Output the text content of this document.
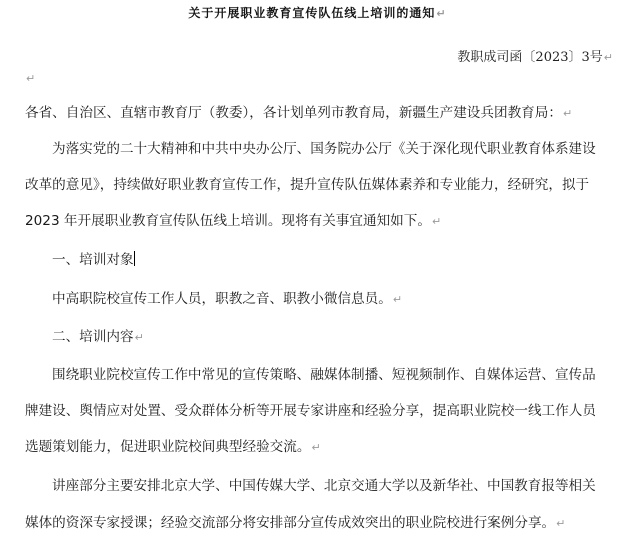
关于开展职业教育宣传队伍线上培训的通知↵
教职成司函〔2023〕3号↵
↵
各省、自治区、直辖市教育厅（教委），各计划单列市教育局，新疆生产建设兵团教育局：↵
为落实党的二十大精神和中共中央办公厅、国务院办公厅《关于深化现代职业教育体系建设
改革的意见》，持续做好职业教育宣传工作，提升宣传队伍媒体素养和专业能力，经研究，拟于
2023 年开展职业教育宣传队伍线上培训。现将有关事宜通知如下。↵
一、培训对象
中高职院校宣传工作人员，职教之音、职教小微信息员。↵
二、培训内容↵
围绕职业院校宣传工作中常见的宣传策略、融媒体制播、短视频制作、自媒体运营、宣传品
牌建设、舆情应对处置、受众群体分析等开展专家讲座和经验分享，提高职业院校一线工作人员
选题策划能力，促进职业院校间典型经验交流。↵
讲座部分主要安排北京大学、中国传媒大学、北京交通大学以及新华社、中国教育报等相关
媒体的资深专家授课；经验交流部分将安排部分宣传成效突出的职业院校进行案例分享。↵
